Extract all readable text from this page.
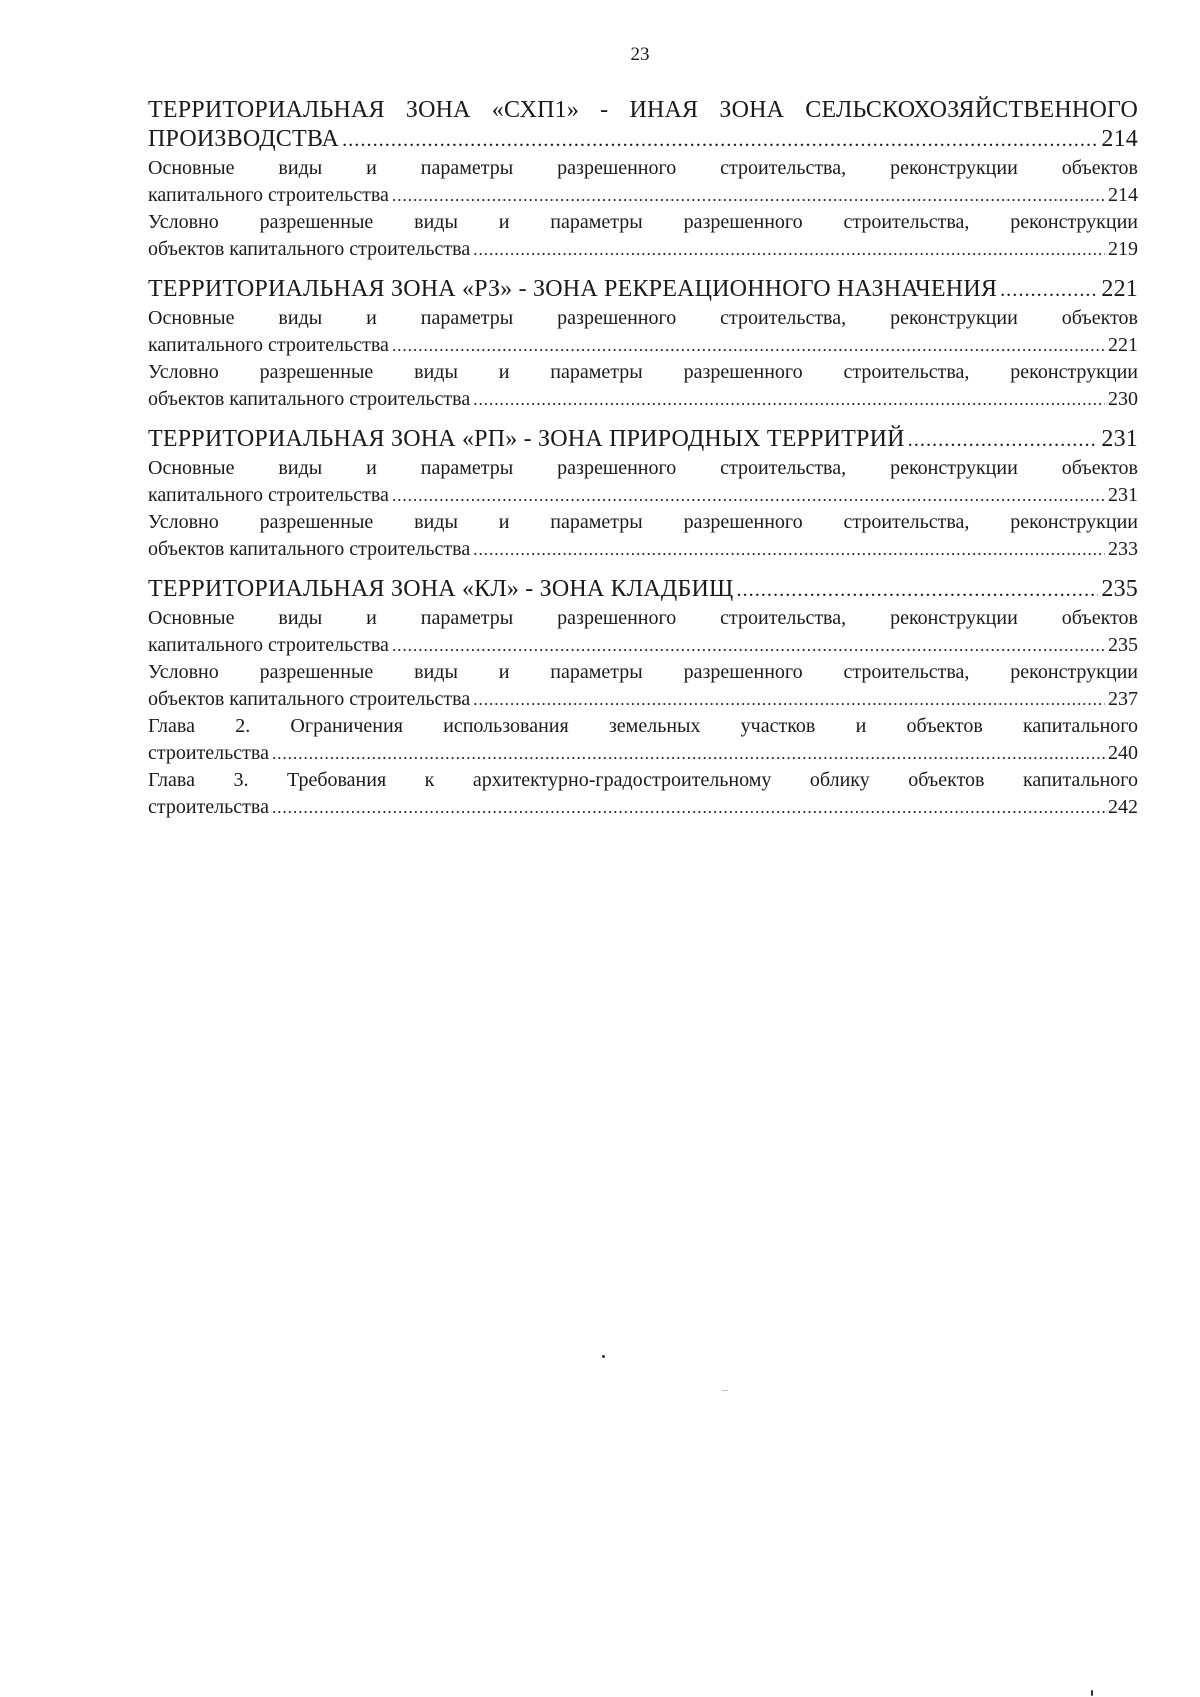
23
ТЕРРИТОРИАЛЬНАЯ ЗОНА «СХП1» - ИНАЯ ЗОНА СЕЛЬСКОХОЗЯЙСТВЕННОГО
ПРОИЗВОДСТВА .....	214
Основные виды и параметры разрешенного строительства, реконструкции объектов
капитального строительства .....	214
Условно разрешенные виды и параметры разрешенного строительства, реконструкции
объектов капитального строительства .....	219
ТЕРРИТОРИАЛЬНАЯ ЗОНА «РЗ» - ЗОНА РЕКРЕАЦИОННОГО НАЗНАЧЕНИЯ .....	221
Основные виды и параметры разрешенного строительства, реконструкции объектов
капитального строительства .....	221
Условно разрешенные виды и параметры разрешенного строительства, реконструкции
объектов капитального строительства .....	230
ТЕРРИТОРИАЛЬНАЯ ЗОНА «РП» - ЗОНА ПРИРОДНЫХ ТЕРРИТРИЙ .....	231
Основные виды и параметры разрешенного строительства, реконструкции объектов
капитального строительства .....	231
Условно разрешенные виды и параметры разрешенного строительства, реконструкции
объектов капитального строительства .....	233
ТЕРРИТОРИАЛЬНАЯ ЗОНА «КЛ» - ЗОНА КЛАДБИЩ .....	235
Основные виды и параметры разрешенного строительства, реконструкции объектов
капитального строительства .....	235
Условно разрешенные виды и параметры разрешенного строительства, реконструкции
объектов капитального строительства .....	237
Глава 2. Ограничения использования земельных участков и объектов капитального
строительства .....	240
Глава 3. Требования к архитектурно-градостроительному облику объектов капитального
строительства .....	242
